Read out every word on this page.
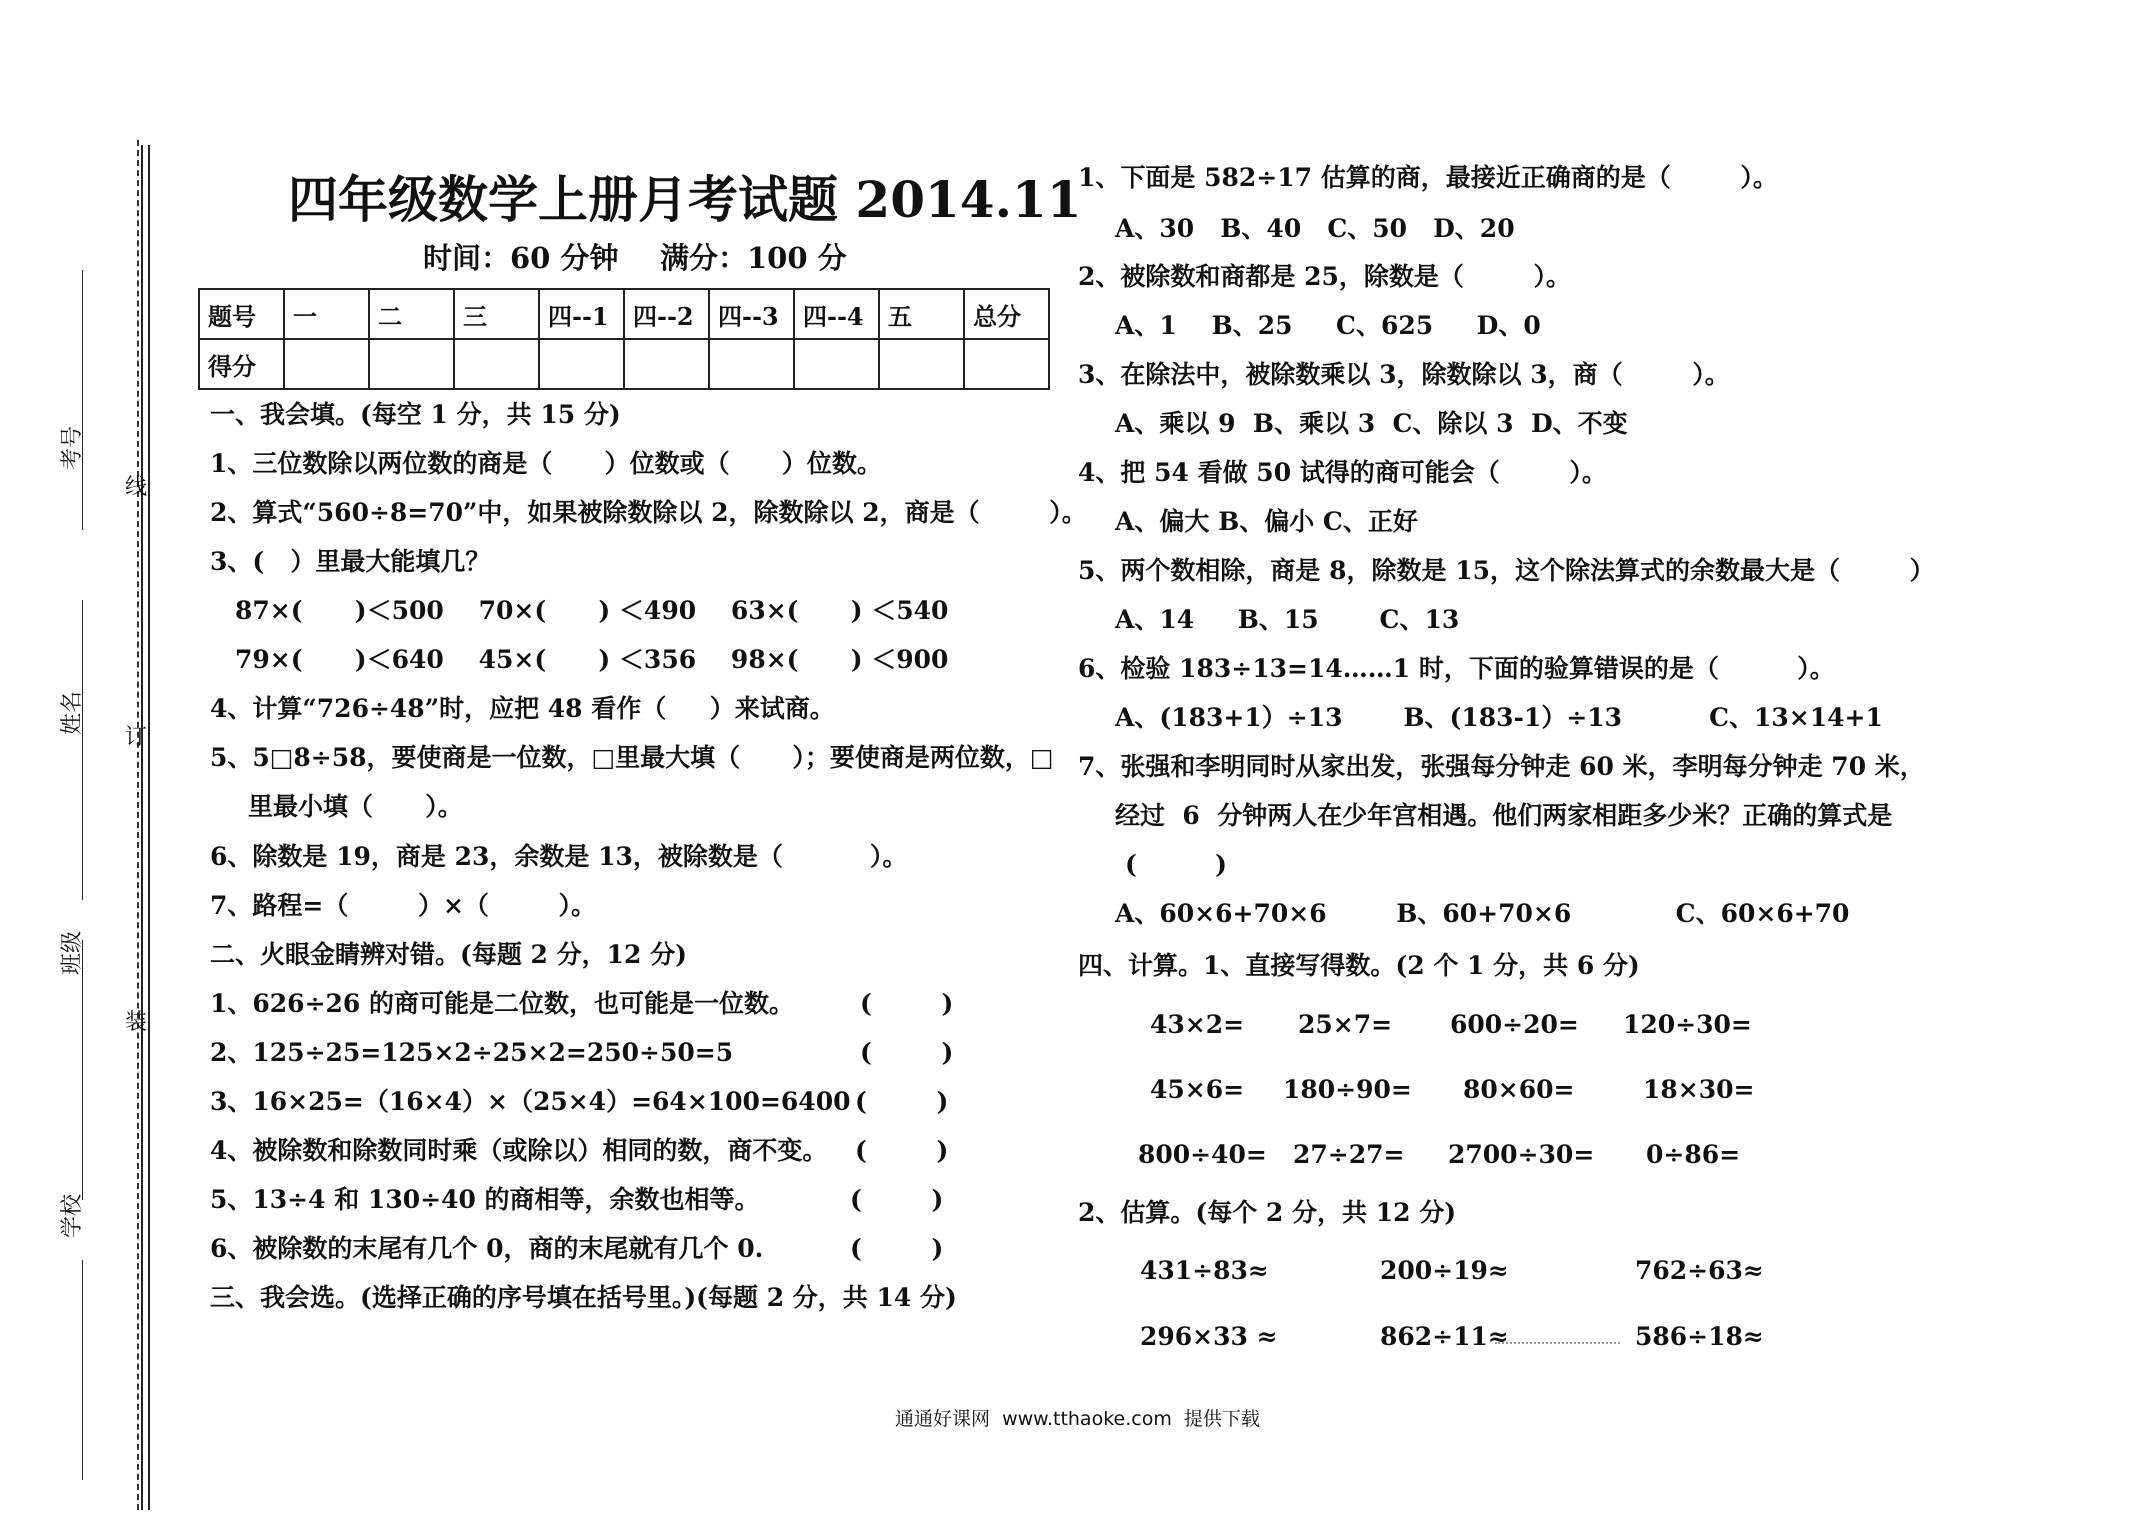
考号
姓名
班级
学校
线
订
装
四年级数学上册月考试题 2014.11
时间：60 分钟 满分：100 分
题号	一	二	三	四--1	四--2	四--3	四--4	五	总分
得分									
一、我会填。(每空 1 分，共 15 分)
1、三位数除以两位数的商是（      ）位数或（      ）位数。
2、算式“560÷8=70”中，如果被除数除以 2，除数除以 2，商是（        ）。
3、(   ）里最大能填几？
87×(      )＜500    70×(      ) ＜490    63×(      ) ＜540
79×(      )＜640    45×(      ) ＜356    98×(      ) ＜900
4、计算“726÷48”时，应把 48 看作（     ）来试商。
5、5□8÷58，要使商是一位数，□里最大填（      ）；要使商是两位数，□
里最小填（      ）。
6、除数是 19，商是 23，余数是 13，被除数是（          ）。
7、路程=（        ）×（        ）。
二、火眼金睛辨对错。(每题 2 分，12 分)
1、626÷26 的商可能是二位数，也可能是一位数。	(        )
2、125÷25=125×2÷25×2=250÷50=5	(        )
3、16×25=（16×4）×（25×4）=64×100=6400 (        )
4、被除数和除数同时乘（或除以）相同的数，商不变。 (        )
5、13÷4 和 130÷40 的商相等，余数也相等。	(        )
6、被除数的末尾有几个 0，商的末尾就有几个 0.	(        )
三、我会选。(选择正确的序号填在括号里。)(每题 2 分，共 14 分)
1、下面是 582÷17 估算的商，最接近正确商的是（        ）。
A、30   B、40   C、50   D、20
2、被除数和商都是 25，除数是（        ）。
A、1    B、25     C、625     D、0
3、在除法中，被除数乘以 3，除数除以 3，商（        ）。
A、乘以 9  B、乘以 3  C、除以 3  D、不变
4、把 54 看做 50 试得的商可能会（        ）。
A、偏大 B、偏小 C、正好
5、两个数相除，商是 8，除数是 15，这个除法算式的余数最大是（        ）
A、14     B、15       C、13
6、检验 183÷13=14……1 时，下面的验算错误的是（         ）。
A、(183+1）÷13       B、(183-1）÷13          C、13×14+1
7、张强和李明同时从家出发，张强每分钟走 60 米，李明每分钟走 70 米，
经过  6  分钟两人在少年宫相遇。他们两家相距多少米？正确的算式是
(         )
A、60×6+70×6        B、60+70×6            C、60×6+70
四、计算。1、直接写得数。(2 个 1 分，共 6 分)
43×2= 25×7= 600÷20= 120÷30=
45×6= 180÷90= 80×60=	18×30=
800÷40= 27÷27= 2700÷30= 0÷86=
2、估算。(每个 2 分，共 12 分)
431÷83≈	200÷19≈	762÷63≈
296×33 ≈	862÷11≈	586÷18≈
通通好课网  www.tthaoke.com  提供下载
